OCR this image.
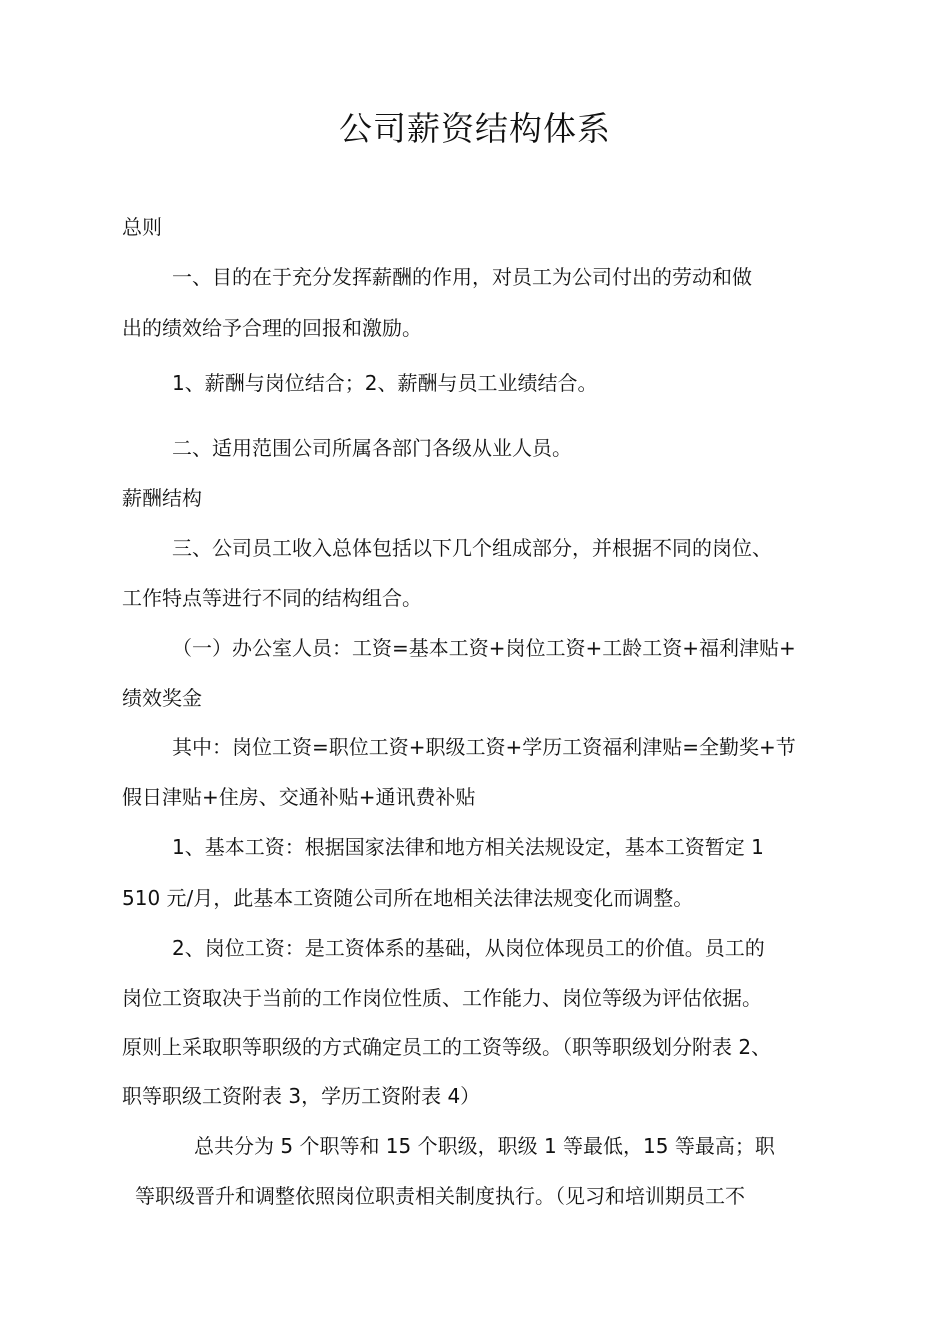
公司薪资结构体系
总则
一、目的在于充分发挥薪酬的作用，对员工为公司付出的劳动和做
出的绩效给予合理的回报和激励。
1、薪酬与岗位结合；2、薪酬与员工业绩结合。
二、适用范围公司所属各部门各级从业人员。
薪酬结构
三、公司员工收入总体包括以下几个组成部分，并根据不同的岗位、
工作特点等进行不同的结构组合。
（一）办公室人员：工资=基本工资+岗位工资+工龄工资+福利津贴+
绩效奖金
其中：岗位工资=职位工资+职级工资+学历工资福利津贴=全勤奖+节
假日津贴+住房、交通补贴+通讯费补贴
1、基本工资：根据国家法律和地方相关法规设定，基本工资暂定 1
510 元/月，此基本工资随公司所在地相关法律法规变化而调整。
2、岗位工资：是工资体系的基础，从岗位体现员工的价值。员工的
岗位工资取决于当前的工作岗位性质、工作能力、岗位等级为评估依据。
原则上采取职等职级的方式确定员工的工资等级。（职等职级划分附表 2、
职等职级工资附表 3，学历工资附表 4）
总共分为 5 个职等和 15 个职级，职级 1 等最低，15 等最高；职
等职级晋升和调整依照岗位职责相关制度执行。（见习和培训期员工不
